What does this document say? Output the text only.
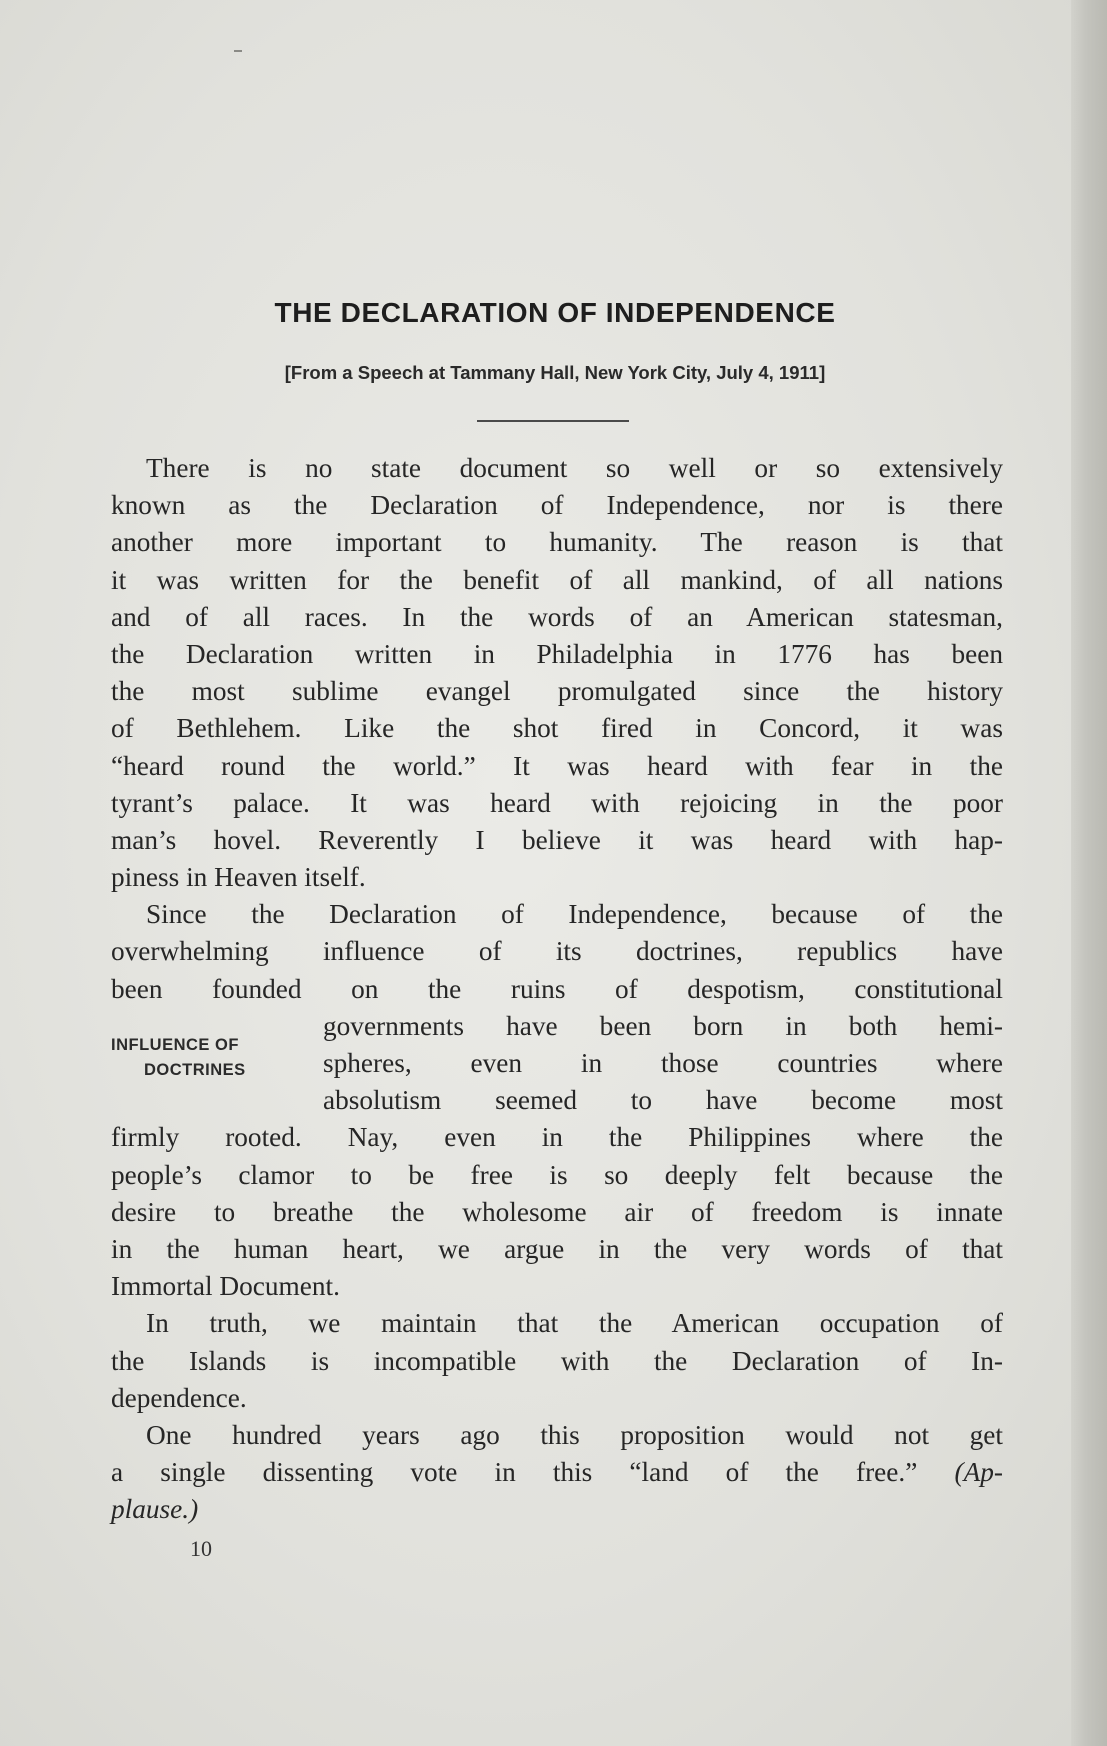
THE DECLARATION OF INDEPENDENCE
[From a Speech at Tammany Hall, New York City, July 4, 1911]
There is no state document so well or so extensively
known as the Declaration of Independence, nor is there
another more important to humanity. The reason is that
it was written for the benefit of all mankind, of all nations
and of all races. In the words of an American statesman,
the Declaration written in Philadelphia in 1776 has been
the most sublime evangel promulgated since the history
of Bethlehem. Like the shot fired in Concord, it was
“heard round the world.” It was heard with fear in the
tyrant’s palace. It was heard with rejoicing in the poor
man’s hovel. Reverently I believe it was heard with hap-
piness in Heaven itself.
Since the Declaration of Independence, because of the
overwhelming influence of its doctrines, republics have
been founded on the ruins of despotism, constitutional
governments have been born in both hemi-
spheres, even in those countries where
absolutism seemed to have become most
firmly rooted. Nay, even in the Philippines where the
people’s clamor to be free is so deeply felt because the
desire to breathe the wholesome air of freedom is innate
in the human heart, we argue in the very words of that
Immortal Document.
In truth, we maintain that the American occupation of
the Islands is incompatible with the Declaration of In-
dependence.
One hundred years ago this proposition would not get
a single dissenting vote in this “land of the free.” (Ap-
plause.)
INFLUENCE OF
DOCTRINES
10
